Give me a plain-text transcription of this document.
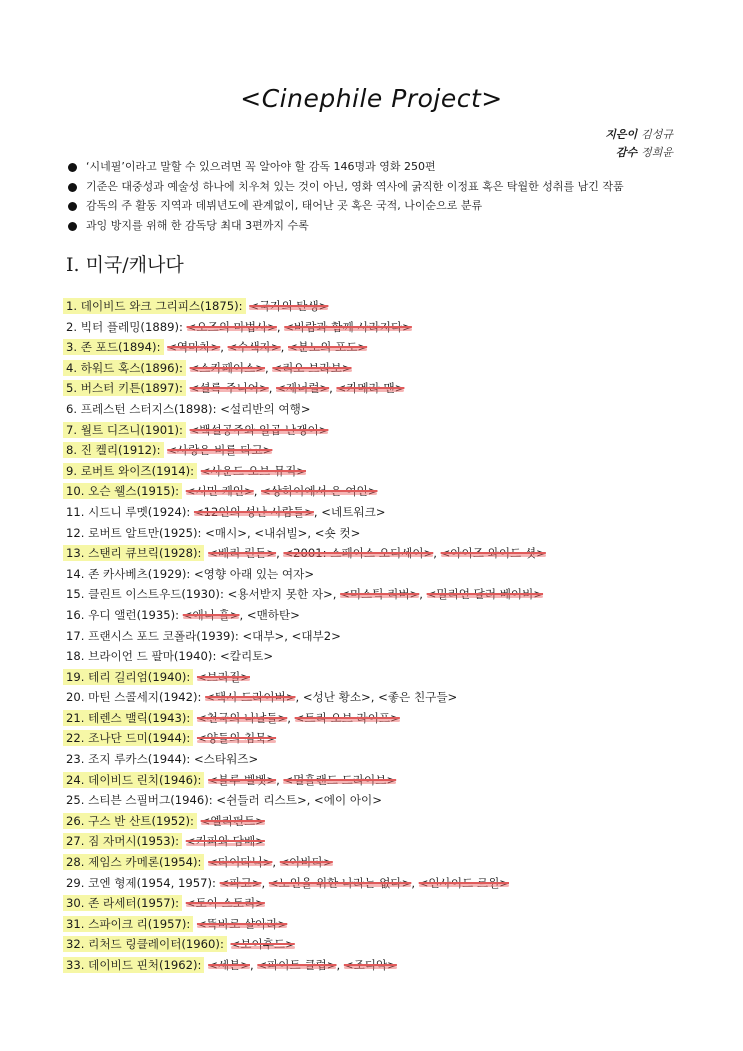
<Cinephile Project>
지은이 김성규
감수 정희윤
‘시네필’이라고 말할 수 있으려면 꼭 알아야 할 감독 146명과 영화 250편
기준은 대중성과 예술성 하나에 치우쳐 있는 것이 아닌, 영화 역사에 굵직한 이정표 혹은 탁월한 성취를 남긴 작품
감독의 주 활동 지역과 데뷔년도에 관계없이, 태어난 곳 혹은 국적, 나이순으로 분류
과잉 방지를 위해 한 감독당 최대 3편까지 수록
I. 미국/캐나다
1. 데이비드 와크 그리피스(1875): <국가의 탄생>
2. 빅터 플레밍(1889): <오즈의 마법사>, <바람과 함께 사라지다>
3. 존 포드(1894): <역마차>, <수색자>, <분노의 포도>
4. 하워드 혹스(1896): <스카페이스>, <리오 브라보>
5. 버스터 키튼(1897): <셜록 주니어>, <제너럴>, <카메라 맨>
6. 프레스턴 스터지스(1898): <설리반의 여행>
7. 월트 디즈니(1901): <백설공주와 일곱 난쟁이>
8. 진 켈리(1912): <사랑은 비를 타고>
9. 로버트 와이즈(1914): <사운드 오브 뮤직>
10. 오슨 웰스(1915): <시민 케인>, <상하이에서 온 여인>
11. 시드니 루멧(1924): <12인의 성난 사람들>, <네트워크>
12. 로버트 알트만(1925): <매시>, <내쉬빌>, <숏 컷>
13. 스탠리 큐브릭(1928): <배리 린든>, <2001: 스페이스 오디세이>, <아이즈 와이드 셧>
14. 존 카사베츠(1929): <영향 아래 있는 여자>
15. 클린트 이스트우드(1930): <용서받지 못한 자>, <미스틱 리버>, <밀리언 달러 베이비>
16. 우디 앨런(1935): <애니 홀>, <맨하탄>
17. 프랜시스 포드 코폴라(1939): <대부>, <대부2>
18. 브라이언 드 팔마(1940): <칼리토>
19. 테리 길리엄(1940): <브라질>
20. 마틴 스콜세지(1942): <택시 드라이버>, <성난 황소>, <좋은 친구들>
21. 테렌스 맬릭(1943): <천국의 나날들>, <트리 오브 라이프>
22. 조나단 드미(1944): <양들의 침묵>
23. 조지 루카스(1944): <스타워즈>
24. 데이비드 린치(1946): <블루 벨벳>, <멀홀랜드 드라이브>
25. 스티븐 스필버그(1946): <쉰들러 리스트>, <에이 아이>
26. 구스 반 산트(1952): <엘리펀트>
27. 짐 자머시(1953): <커피와 담배>
28. 제임스 카메론(1954): <타이타닉>, <아바타>
29. 코엔 형제(1954, 1957): <파고>, <노인을 위한 나라는 없다>, <인사이드 르윈>
30. 존 라세터(1957): <토이 스토리>
31. 스파이크 리(1957): <똑바로 살아라>
32. 리처드 링클레이터(1960): <보이후드>
33. 데이비드 핀처(1962): <세븐>, <파이트 클럽>, <조디악>
